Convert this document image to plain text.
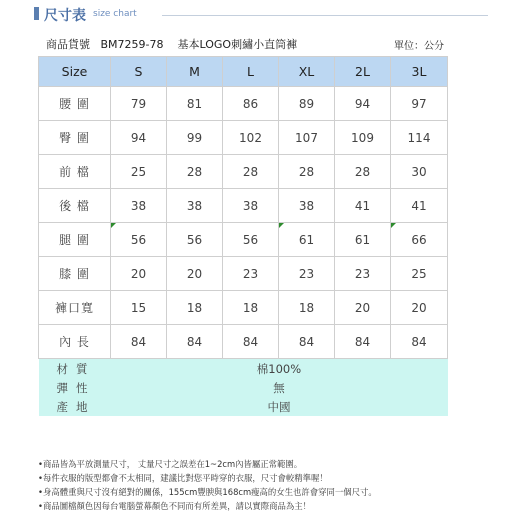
尺寸表 size chart
商品貨號 BM7259-78 基本LOGO刺繡小直筒褲	單位：公分
Size	S	M	L	XL	2L	3L
腰 圍	79	81	86	89	94	97
臀 圍	94	99	102	107	109	114
前 檔	25	28	28	28	28	30
後 檔	38	38	38	38	41	41
腿 圍	56	56	56	61	61	66

膝 圍	20	20	23	23	23	25
褲口寬	15	18	18	18	20	20
內 長	84	84	84	84	84	84
材質	棉100%					
彈性	無					
產地	中國					
•商品皆為平放測量尺寸， 丈量尺寸之誤差在1~2cm內皆屬正常範圍。
•每件衣服的版型都會不太相同，建議比對您平時穿的衣服，尺寸會較精準喔！
•身高體重與尺寸沒有絕對的關係，155cm豐腴與168cm瘦高的女生也許會穿同一個尺寸。
•商品圖檔顏色因每台電腦螢幕顏色不同而有所差異，請以實際商品為主！
